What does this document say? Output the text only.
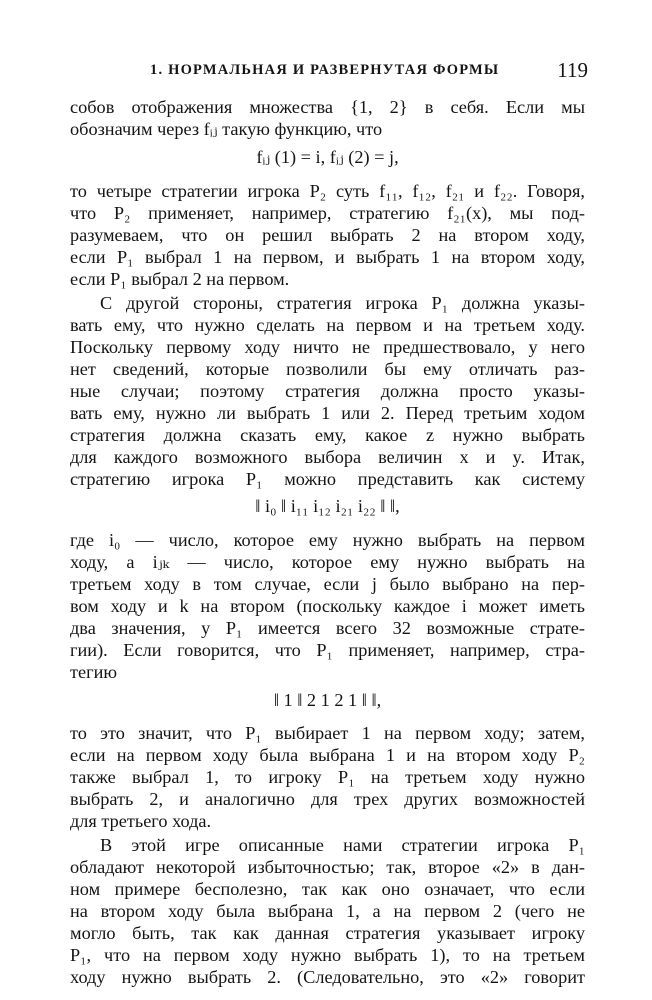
1. НОРМАЛЬНАЯ И РАЗВЕРНУТАЯ ФОРМЫ	119
собов отображения множества {1, 2} в себя. Если мы
обозначим через fᵢⱼ такую функцию, что
fᵢⱼ (1) = i, fᵢⱼ (2) = j,
то четыре стратегии игрока P₂ суть f₁₁, f₁₂, f₂₁ и f₂₂. Говоря,
что P₂ применяет, например, стратегию f₂₁(x), мы под-
разумеваем, что он решил выбрать 2 на втором ходу,
если P₁ выбрал 1 на первом, и выбрать 1 на втором ходу,
если P₁ выбрал 2 на первом.
С другой стороны, стратегия игрока P₁ должна указы-
вать ему, что нужно сделать на первом и на третьем ходу.
Поскольку первому ходу ничто не предшествовало, у него
нет сведений, которые позволили бы ему отличать раз-
ные случаи; поэтому стратегия должна просто указы-
вать ему, нужно ли выбрать 1 или 2. Перед третьим ходом
стратегия должна сказать ему, какое z нужно выбрать
для каждого возможного выбора величин x и y. Итак,
стратегию игрока P₁ можно представить как систему
‖ i₀ ‖ i₁₁ i₁₂ i₂₁ i₂₂ ‖ ‖,
где i₀ — число, которое ему нужно выбрать на первом
ходу, а iⱼₖ — число, которое ему нужно выбрать на
третьем ходу в том случае, если j было выбрано на пер-
вом ходу и k на втором (поскольку каждое i может иметь
два значения, у P₁ имеется всего 32 возможные страте-
гии). Если говорится, что P₁ применяет, например, стра-
тегию
‖ 1 ‖ 2 1 2 1 ‖ ‖,
то это значит, что P₁ выбирает 1 на первом ходу; затем,
если на первом ходу была выбрана 1 и на втором ходу P₂
также выбрал 1, то игроку P₁ на третьем ходу нужно
выбрать 2, и аналогично для трех других возможностей
для третьего хода.
В этой игре описанные нами стратегии игрока P₁
обладают некоторой избыточностью; так, второе «2» в дан-
ном примере бесполезно, так как оно означает, что если
на втором ходу была выбрана 1, а на первом 2 (чего не
могло быть, так как данная стратегия указывает игроку
P₁, что на первом ходу нужно выбрать 1), то на третьем
ходу нужно выбрать 2. (Следовательно, это «2» говорит
